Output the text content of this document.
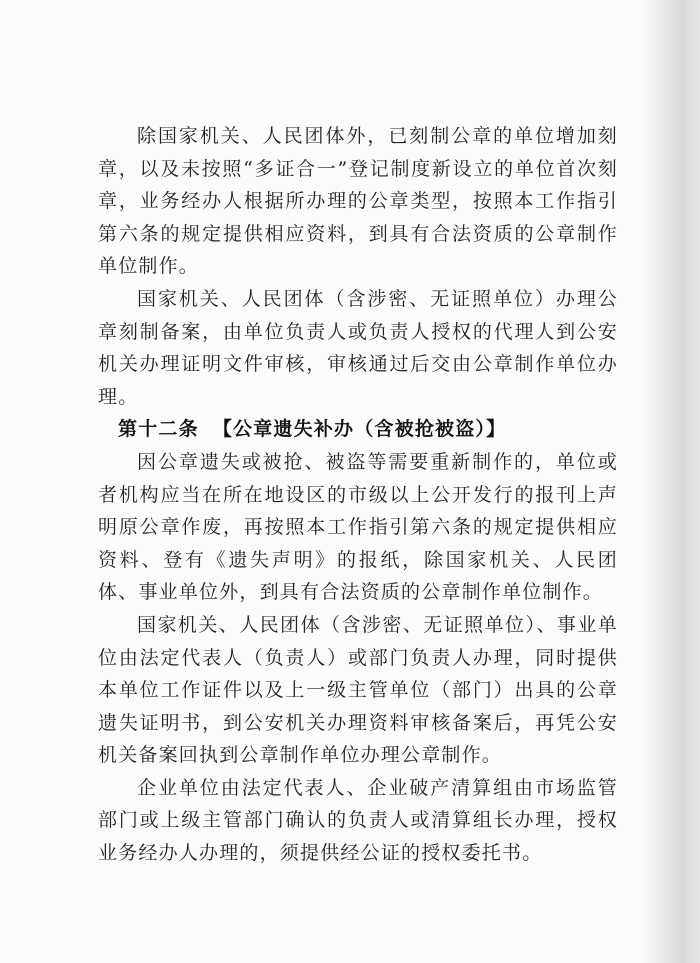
除国家机关、人民团体外，已刻制公章的单位增加刻章，以及未按照“多证合一”登记制度新设立的单位首次刻章，业务经办人根据所办理的公章类型，按照本工作指引第六条的规定提供相应资料，到具有合法资质的公章制作单位制作。

国家机关、人民团体（含涉密、无证照单位）办理公章刻制备案，由单位负责人或负责人授权的代理人到公安机关办理证明文件审核，审核通过后交由公章制作单位办理。

第十二条 【公章遗失补办（含被抢被盗）】

因公章遗失或被抢、被盗等需要重新制作的，单位或者机构应当在所在地设区的市级以上公开发行的报刊上声明原公章作废，再按照本工作指引第六条的规定提供相应资料、登有《遗失声明》的报纸，除国家机关、人民团体、事业单位外，到具有合法资质的公章制作单位制作。

国家机关、人民团体（含涉密、无证照单位）、事业单位由法定代表人（负责人）或部门负责人办理，同时提供本单位工作证件以及上一级主管单位（部门）出具的公章遗失证明书，到公安机关办理资料审核备案后，再凭公安机关备案回执到公章制作单位办理公章制作。

企业单位由法定代表人、企业破产清算组由市场监管部门或上级主管部门确认的负责人或清算组长办理，授权业务经办人办理的，须提供经公证的授权委托书。
